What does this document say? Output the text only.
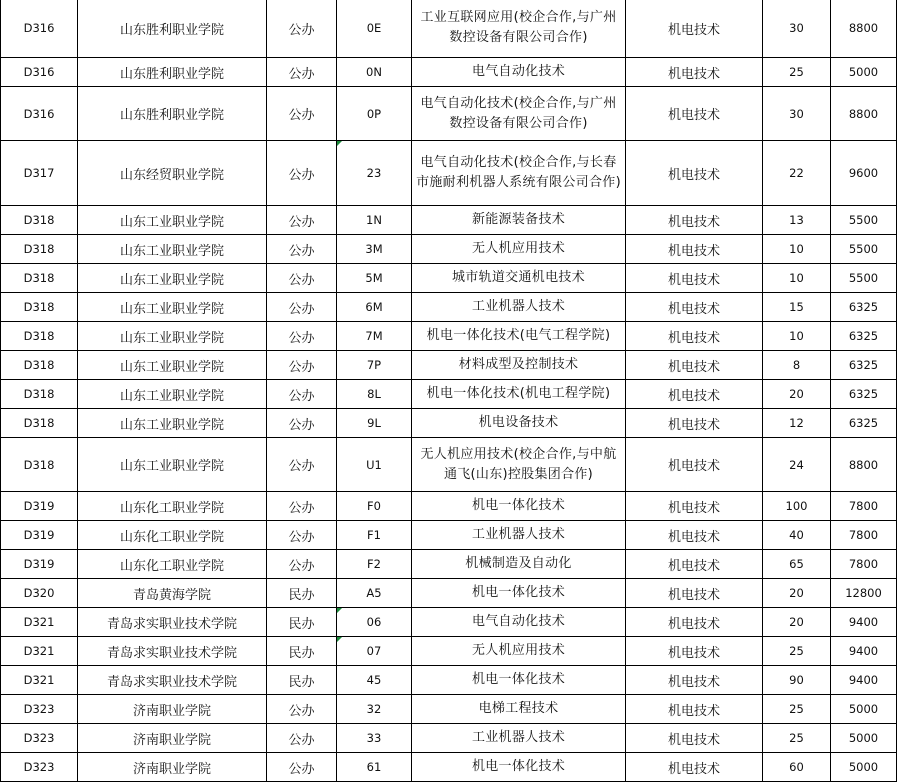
D316	山东胜利职业学院	公办	0E	工业互联网应用(校企合作,与广州数控设备有限公司合作)	机电技术	30	8800
D316	山东胜利职业学院	公办	0N	电气自动化技术	机电技术	25	5000
D316	山东胜利职业学院	公办	0P	电气自动化技术(校企合作,与广州数控设备有限公司合作)	机电技术	30	8800
D317	山东经贸职业学院	公办	23	电气自动化技术(校企合作,与长春市施耐利机器人系统有限公司合作)	机电技术	22	9600
D318	山东工业职业学院	公办	1N	新能源装备技术	机电技术	13	5500
D318	山东工业职业学院	公办	3M	无人机应用技术	机电技术	10	5500
D318	山东工业职业学院	公办	5M	城市轨道交通机电技术	机电技术	10	5500
D318	山东工业职业学院	公办	6M	工业机器人技术	机电技术	15	6325
D318	山东工业职业学院	公办	7M	机电一体化技术(电气工程学院)	机电技术	10	6325
D318	山东工业职业学院	公办	7P	材料成型及控制技术	机电技术	8	6325
D318	山东工业职业学院	公办	8L	机电一体化技术(机电工程学院)	机电技术	20	6325
D318	山东工业职业学院	公办	9L	机电设备技术	机电技术	12	6325
D318	山东工业职业学院	公办	U1	无人机应用技术(校企合作,与中航通飞(山东)控股集团合作)	机电技术	24	8800
D319	山东化工职业学院	公办	F0	机电一体化技术	机电技术	100	7800
D319	山东化工职业学院	公办	F1	工业机器人技术	机电技术	40	7800
D319	山东化工职业学院	公办	F2	机械制造及自动化	机电技术	65	7800
D320	青岛黄海学院	民办	A5	机电一体化技术	机电技术	20	12800
D321	青岛求实职业技术学院	民办	06	电气自动化技术	机电技术	20	9400
D321	青岛求实职业技术学院	民办	07	无人机应用技术	机电技术	25	9400
D321	青岛求实职业技术学院	民办	45	机电一体化技术	机电技术	90	9400
D323	济南职业学院	公办	32	电梯工程技术	机电技术	25	5000
D323	济南职业学院	公办	33	工业机器人技术	机电技术	25	5000
D323	济南职业学院	公办	61	机电一体化技术	机电技术	60	5000
